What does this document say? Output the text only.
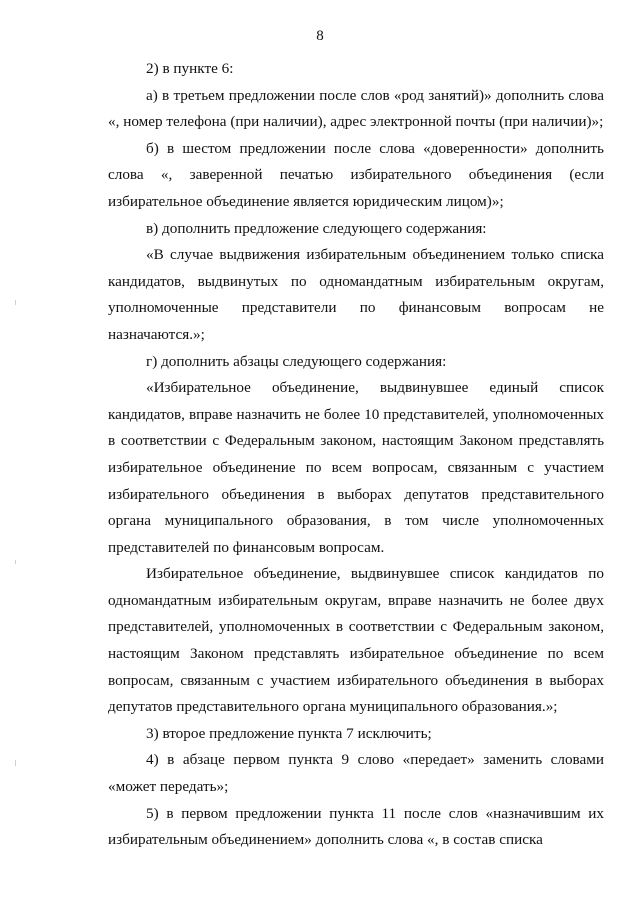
8

2) в пункте 6:

а) в третьем предложении после слов «род занятий)» дополнить слова «, номер телефона (при наличии), адрес электронной почты (при наличии)»;

б) в шестом предложении после слова «доверенности» дополнить слова «, заверенной печатью избирательного объединения (если избирательное объединение является юридическим лицом)»;

в) дополнить предложение следующего содержания:

«В случае выдвижения избирательным объединением только списка кандидатов, выдвинутых по одномандатным избирательным округам, уполномоченные представители по финансовым вопросам не назначаются.»;

г) дополнить абзацы следующего содержания:

«Избирательное объединение, выдвинувшее единый список кандидатов, вправе назначить не более 10 представителей, уполномоченных в соответствии с Федеральным законом, настоящим Законом представлять избирательное объединение по всем вопросам, связанным с участием избирательного объединения в выборах депутатов представительного органа муниципального образования, в том числе уполномоченных представителей по финансовым вопросам.

Избирательное объединение, выдвинувшее список кандидатов по одномандатным избирательным округам, вправе назначить не более двух представителей, уполномоченных в соответствии с Федеральным законом, настоящим Законом представлять избирательное объединение по всем вопросам, связанным с участием избирательного объединения в выборах депутатов представительного органа муниципального образования.»;

3) второе предложение пункта 7 исключить;

4) в абзаце первом пункта 9 слово «передает» заменить словами «может передать»;

5) в первом предложении пункта 11 после слов «назначившим их избирательным объединением» дополнить слова «, в состав списка
